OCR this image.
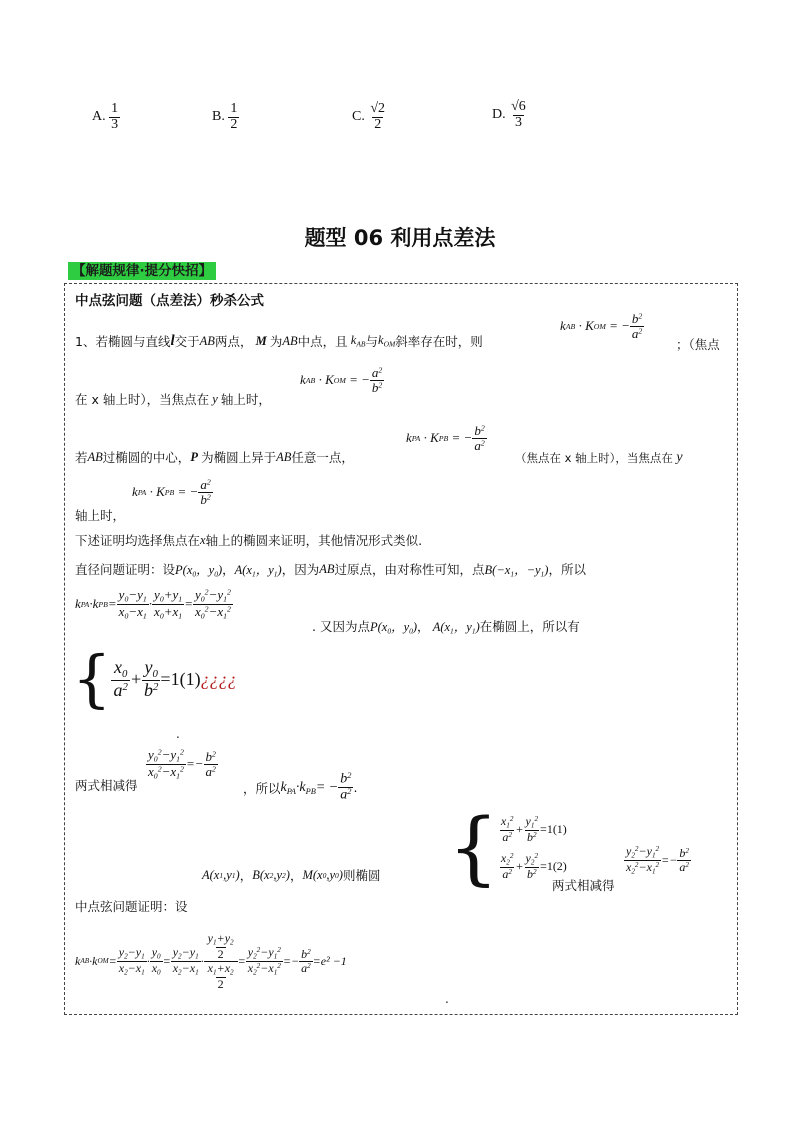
A.
$\frac{1}{3}$	B.
$\frac{1}{2}$	C.
$\frac{√2}{2}$	D.
$\frac{√6}{3}$
题型 06 利用点差法
【解题规律·提分快招】
中点弦问题（点差法）秒杀公式
1、若椭圆与直线 l 交于 AB 两点， M 为 AB 中点，且 $k_{AB}$ 与 $k_{OM}$ 斜率存在时，则
k AB · K OM = − $\frac{b^2}{a^2}$
；（焦点
在 x 轴上时），当焦点在 y 轴上时，
k AB · K OM = − $\frac{a^2}{b^2}$
若 AB 过椭圆的中心， P 为椭圆上异于 AB 任意一点，
k PA · K PB = − $\frac{b^2}{a^2}$
（焦点在 x 轴上时），当焦点在 y
轴上时，
k PA · K PB = − $\frac{a^2}{b^2}$
下述证明均选择焦点在 x 轴上的椭圆来证明，其他情况形式类似.
直径问题证明：设 $P(x_0$，$y_0$) ， $A(x_1$，$y_1$) ，因为 AB 过原点，由对称性可知，点 $B(-x_1$，$-y_1$) ，所以
k PA ·k PB = $\frac{y_0-y_1}{x_0-x_1} \cdot \frac{y_0+y_1}{x_0+x_1} = \frac{y_0^2-y_1^2}{x_0^2-x_1^2}$
. 又因为点 $P(x_0$，$y_0$) ， $A(x_1$，$y_1$) 在椭圆上，所以有
{ $\frac{x_0}{a^2} + \frac{y_0}{b^2} =1(1)$ ¿¿¿¿
.
$\frac{y_0^2-y_1^2}{x_0^2-x_1^2} =- \frac{b^2}{a^2}$
两式相减得	，所以 $k_{PA}\cdot k_{PB}= - \frac{b^2}{a^2}$ .
{ $\frac{x_1^2}{a^2} + \frac{y_1^2}{b^2} =1(1)$
$\frac{x_2^2}{a^2} + \frac{y_2^2}{b^2} =1(2)$
A(x 1 ,y 1 ) ， B(x 2 ,y 2 ) ， M(x 0 ,y 0 ) 则椭圆
两式相减得
$\frac{y_2^2-y_1^2}{x_2^2-x_1^2} =- \frac{b^2}{a^2}$
中点弦问题证明：设
k AB ·k OM = $\frac{y_2-y_1}{x_2-x_1} \cdot \frac{y_0}{x_0} = \frac{y_2-y_1}{x_2-x_1} \cdot \frac{\frac{y_1+y_2}{2}}{\frac{x_1+x_2}{2}} = \frac{y_2^2-y_1^2}{x_2^2-x_1^2} =- \frac{b^2}{a^2} =e^2 -1$
.
